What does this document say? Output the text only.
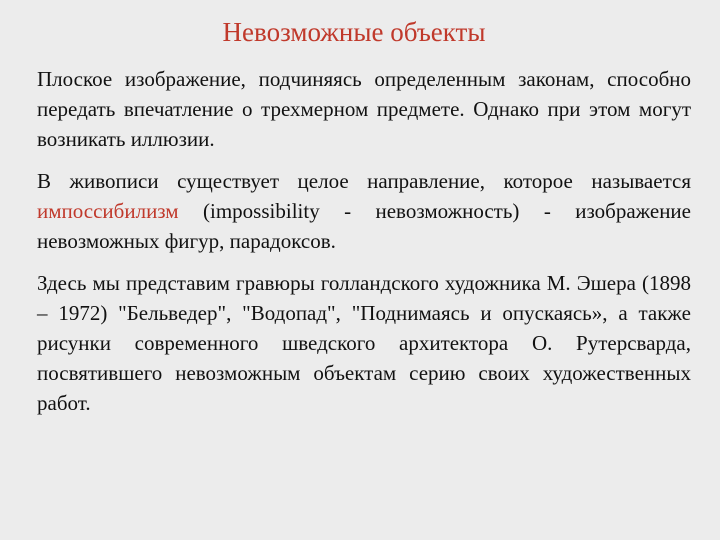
Невозможные объекты

Плоское изображение, подчиняясь определенным законам, способно передать впечатление о трехмерном предмете. Однако при этом могут возникать иллюзии.

В живописи существует целое направление, которое называется импоссибилизм (impossibility - невозможность) - изображение невозможных фигур, парадоксов.

Здесь мы представим гравюры голландского художника М. Эшера (1898 – 1972) "Бельведер", "Водопад", "Поднимаясь и опускаясь», а также рисунки современного шведского архитектора О. Рутерсварда, посвятившего невозможным объектам серию своих художественных работ.
